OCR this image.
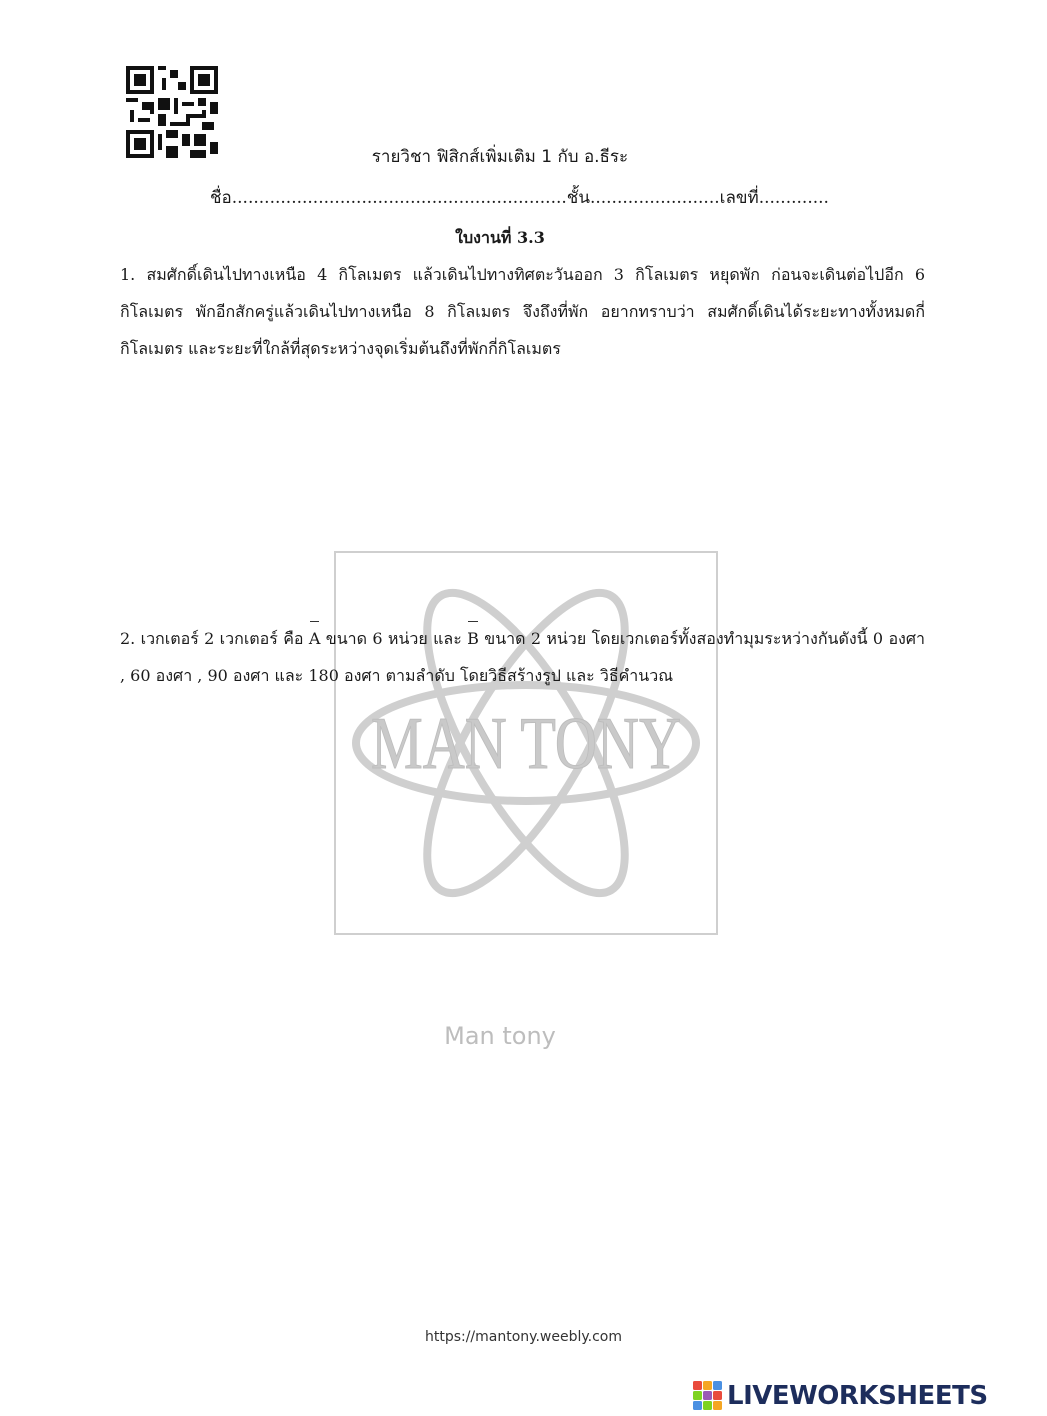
รายวิชา ฟิสิกส์เพิ่มเติม 1 กับ อ.ธีระ
ชื่อ..............................................................ชั้น........................เลขที่.............
ใบงานที่ 3.3
1. สมศักดิ์เดินไปทางเหนือ 4 กิโลเมตร แล้วเดินไปทางทิศตะวันออก 3 กิโลเมตร หยุดพัก ก่อนจะเดินต่อไปอีก 6 กิโลเมตร พักอีกสักครู่แล้วเดินไปทางเหนือ 8 กิโลเมตร จึงถึงที่พัก อยากทราบว่า สมศักดิ์เดินได้ระยะทางทั้งหมดกี่กิโลเมตร และระยะที่ใกล้ที่สุดระหว่างจุดเริ่มต้นถึงที่พักกี่กิโลเมตร
MAN TONY
2. เวกเตอร์ 2 เวกเตอร์ คือ A ขนาด 6 หน่วย และ B ขนาด 2 หน่วย โดยเวกเตอร์ทั้งสองทำมุมระหว่างกันดังนี้ 0 องศา , 60 องศา , 90 องศา และ 180 องศา ตามลำดับ โดยวิธีสร้างรูป และ วิธีคำนวณ
Man tony
https://mantony.weebly.com
LIVEWORKSHEETS
